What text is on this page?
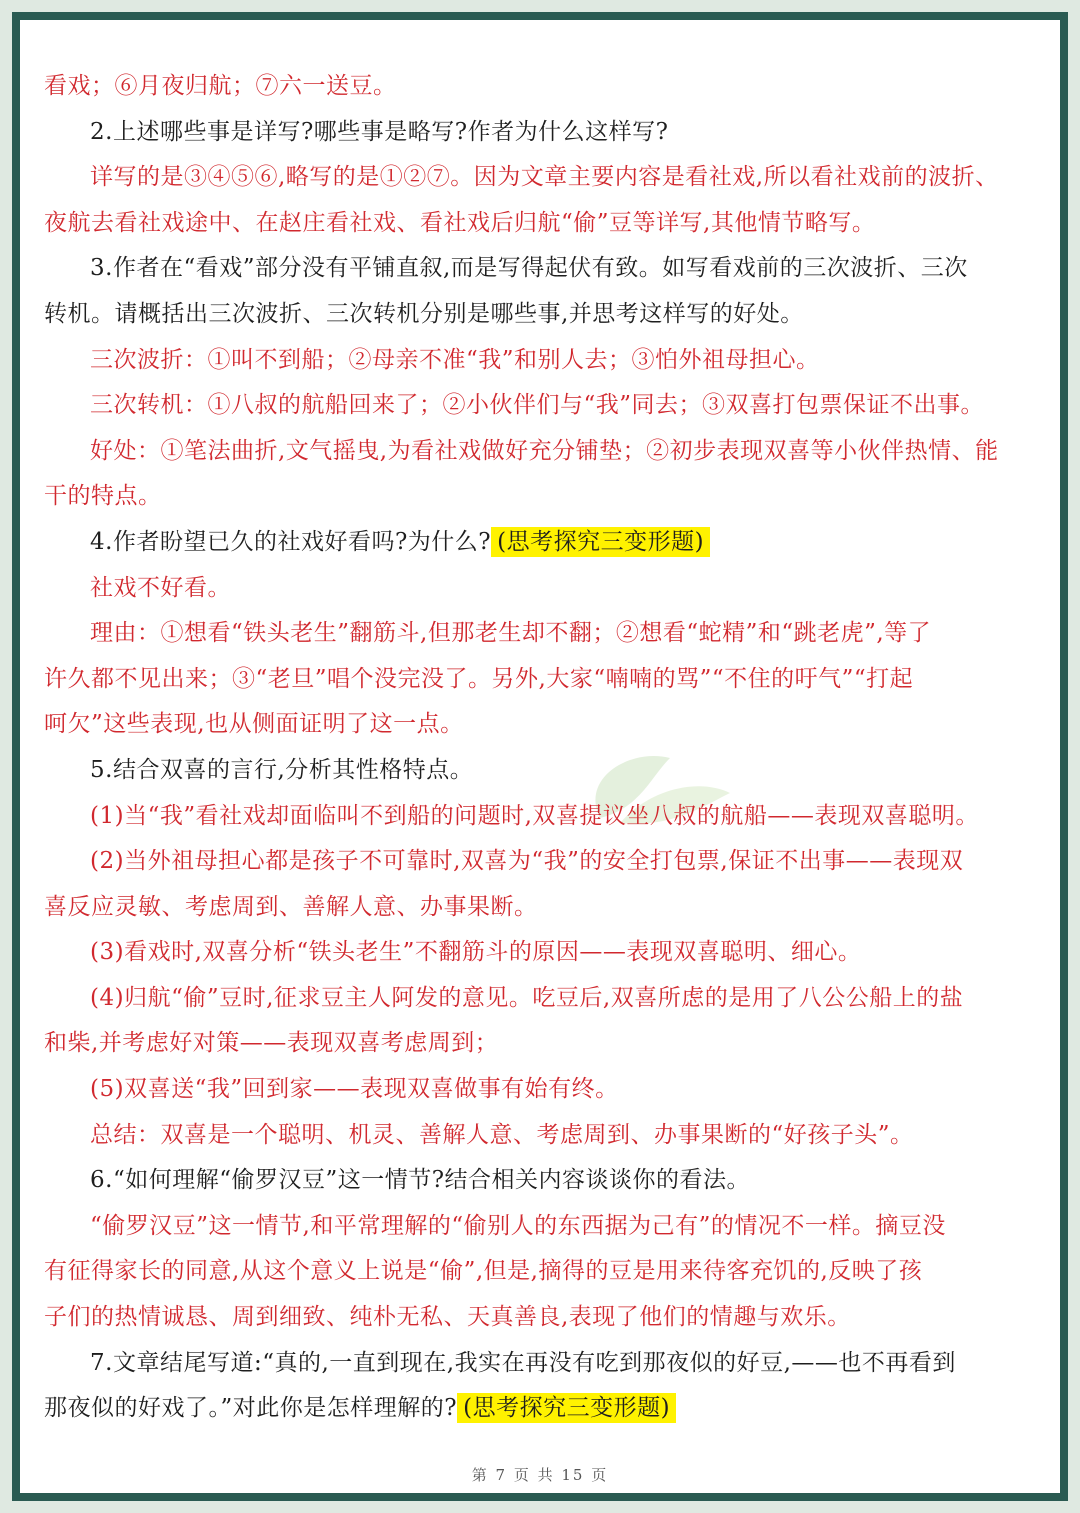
看戏；⑥月夜归航；⑦六一送豆。
2.上述哪些事是详写?哪些事是略写?作者为什么这样写?
详写的是③④⑤⑥,略写的是①②⑦。因为文章主要内容是看社戏,所以看社戏前的波折、
夜航去看社戏途中、在赵庄看社戏、看社戏后归航“偷”豆等详写,其他情节略写。
3.作者在“看戏”部分没有平铺直叙,而是写得起伏有致。如写看戏前的三次波折、三次
转机。请概括出三次波折、三次转机分别是哪些事,并思考这样写的好处。
三次波折：①叫不到船；②母亲不准“我”和别人去；③怕外祖母担心。
三次转机：①八叔的航船回来了；②小伙伴们与“我”同去；③双喜打包票保证不出事。
好处：①笔法曲折,文气摇曳,为看社戏做好充分铺垫；②初步表现双喜等小伙伴热情、能
干的特点。
4.作者盼望已久的社戏好看吗?为什么? (思考探究三变形题)
社戏不好看。
理由：①想看“铁头老生”翻筋斗,但那老生却不翻；②想看“蛇精”和“跳老虎”,等了
许久都不见出来；③“老旦”唱个没完没了。另外,大家“喃喃的骂”“不住的吁气”“打起
呵欠”这些表现,也从侧面证明了这一点。
5.结合双喜的言行,分析其性格特点。
(1)当“我”看社戏却面临叫不到船的问题时,双喜提议坐八叔的航船——表现双喜聪明。
(2)当外祖母担心都是孩子不可靠时,双喜为“我”的安全打包票,保证不出事——表现双
喜反应灵敏、考虑周到、善解人意、办事果断。
(3)看戏时,双喜分析“铁头老生”不翻筋斗的原因——表现双喜聪明、细心。
(4)归航“偷”豆时,征求豆主人阿发的意见。吃豆后,双喜所虑的是用了八公公船上的盐
和柴,并考虑好对策——表现双喜考虑周到；
(5)双喜送“我”回到家——表现双喜做事有始有终。
总结：双喜是一个聪明、机灵、善解人意、考虑周到、办事果断的“好孩子头”。
6.“如何理解“偷罗汉豆”这一情节?结合相关内容谈谈你的看法。
“偷罗汉豆”这一情节,和平常理解的“偷别人的东西据为己有”的情况不一样。摘豆没
有征得家长的同意,从这个意义上说是“偷”,但是,摘得的豆是用来待客充饥的,反映了孩
子们的热情诚恳、周到细致、纯朴无私、天真善良,表现了他们的情趣与欢乐。
7.文章结尾写道:“真的,一直到现在,我实在再没有吃到那夜似的好豆,——也不再看到
那夜似的好戏了。”对此你是怎样理解的? (思考探究三变形题)
第 7 页 共 15 页
